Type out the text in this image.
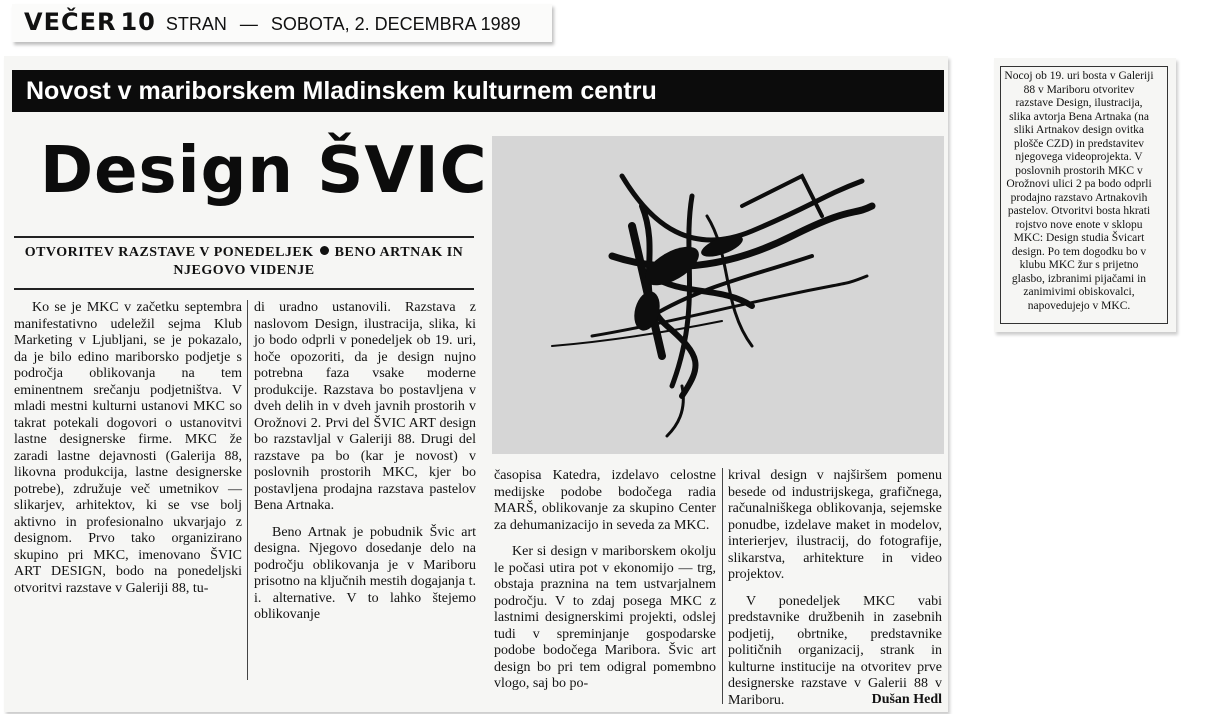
VEČER 10 STRAN — SOBOTA, 2. DECEMBRA 1989
Novost v mariborskem Mladinskem kulturnem centru
Design ŠVIC
OTVORITEV RAZSTAVE V PONEDELJEK BENO ARTNAK IN NJEGOVO VIDENJE

Ko se je MKC v začetku septembra manifestativno udeležil sejma Klub Marketing v Ljubljani, se je pokazalo, da je bilo edino mariborsko podjetje s področja oblikovanja na tem eminentnem srečanju podjetništva. V mladi mestni kulturni ustanovi MKC so takrat potekali dogovori o ustanovitvi lastne designerske firme. MKC že zaradi lastne dejavnosti (Galerija 88, likovna produkcija, lastne designerske potrebe), združuje več umetnikov — slikarjev, arhitektov, ki se vse bolj aktivno in profesionalno ukvarjajo z designom. Prvo tako organizirano skupino pri MKC, imenovano ŠVIC ART DESIGN, bodo na ponedeljski otvoritvi razstave v Galeriji 88, tu-

di uradno ustanovili. Razstava z naslovom Design, ilustracija, slika, ki jo bodo odprli v ponedeljek ob 19. uri, hoče opozoriti, da je design nujno potrebna faza vsake moderne produkcije. Razstava bo postavljena v dveh delih in v dveh javnih prostorih v Orožnovi 2. Prvi del ŠVIC ART design bo razstavljal v Galeriji 88. Drugi del razstave pa bo (kar je novost) v poslovnih prostorih MKC, kjer bo postavljena prodajna razstava pastelov Bena Artnaka.

Beno Artnak je pobudnik Švic art designa. Njegovo dosedanje delo na področju oblikovanja je v Mariboru prisotno na ključnih mestih dogajanja t. i. alternative. V to lahko štejemo oblikovanje

časopisa Katedra, izdelavo celostne medijske podobe bodočega radia MARŠ, oblikovanje za skupino Center za dehumanizacijo in seveda za MKC.

Ker si design v mariborskem okolju le počasi utira pot v ekonomijo — trg, obstaja praznina na tem ustvarjalnem področju. V to zdaj posega MKC z lastnimi designerskimi projekti, odslej tudi v spreminjanje gospodarske podobe bodočega Maribora. Švic art design bo pri tem odigral pomembno vlogo, saj bo po-

krival design v najširšem pomenu besede od industrijskega, grafičnega, računalniškega oblikovanja, sejemske ponudbe, izdelave maket in modelov, interierjev, ilustracij, do fotografije, slikarstva, arhitekture in video projektov.

V ponedeljek MKC vabi predstavnike družbenih in zasebnih podjetij, obrtnike, predstavnike političnih organizacij, strank in kulturne institucije na otvoritev prve designerske razstave v Galerii 88 v Mariboru.	Dušan Hedl
Nocoj ob 19. uri bosta v Galeriji 88 v Mariboru otvoritev razstave Design, ilustracija, slika avtorja Bena Artnaka (na sliki Artnakov design ovitka plošče CZD) in predstavitev njegovega videoprojekta. V poslovnih prostorih MKC v Orožnovi ulici 2 pa bodo odprli prodajno razstavo Artnakovih pastelov. Otvoritvi bosta hkrati rojstvo nove enote v sklopu MKC: Design studia Švicart design. Po tem dogodku bo v klubu MKC žur s prijetno glasbo, izbranimi pijačami in zanimivimi obiskovalci, napovedujejo v MKC.
